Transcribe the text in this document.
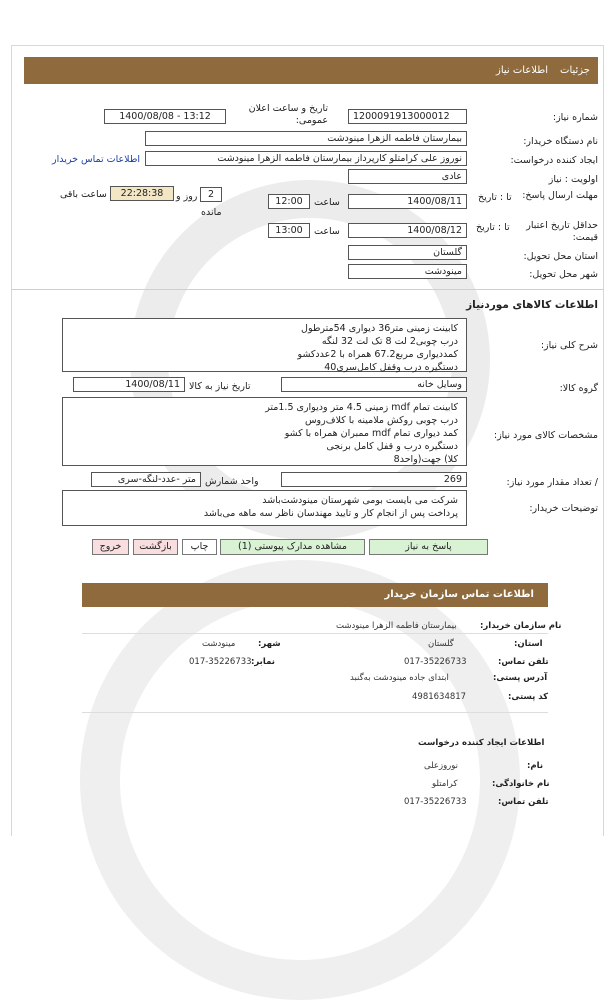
جزئیات
اطلاعات نیاز
شماره نیاز:
1200091913000012
تاریخ و ساعت اعلان عمومی:
1400/08/08 - 13:12
نام دستگاه خریدار:
بیمارستان فاطمه الزهرا مینودشت
ایجاد کننده درخواست:
نوروز علی کرامتلو کارپرداز بیمارستان فاطمه الزهرا مینودشت
اطلاعات تماس خریدار
اولویت : نیاز
عادی
مهلت ارسال پاسخ:
تا : تاریخ
1400/08/11
ساعت
12:00
2
روز و
22:28:38
ساعت باقی
مانده
حداقل تاریخ اعتبار قیمت:
تا : تاریخ
1400/08/12
ساعت
13:00
استان محل تحویل:
گلستان
شهر محل تحویل:
مینودشت
اطلاعات کالاهای موردنیاز
شرح کلی نیاز:
کابینت زمینی متر36 دیواری 54مترطول
درب چوبی2 لت 8 تک لت 32 لنگه
کمددیواری مربع67.2 همراه با 2عددکشو
دستگیره درب وقفل کامل‌سری40
گروه کالا:
وسایل خانه
تاریخ نیاز به کالا
1400/08/11
مشخصات کالای مورد نیاز:
کابینت تمام mdf زمینی 4.5 متر ودیواری 1.5متر
درب چوبی روکش ملامینه با کلاف‌روس
کمد دیواری تمام mdf ممبران همراه با کشو
دستگیره درب و قفل کامل برنجی
کلا) جهت(واحد8
/ تعداد مقدار مورد نیاز:
269
واحد شمارش
متر -عدد-لنگه-سری
توضیحات خریدار:
شرکت می بایست بومی شهرستان مینودشت‌باشد
پرداخت پس از انجام کار و تایید مهندسان ناظر سه ماهه می‌باشد
پاسخ به نیاز
مشاهده مدارک پیوستی (1)
چاپ
بازگشت
خروج
اطلاعات تماس سازمان خریدار
نام سازمان خریدار:
بیمارستان فاطمه الزهرا مینودشت
استان:
گلستان
شهر:
مینودشت
تلفن تماس:
017-35226733
نمابر:
017-35226733
آدرس پستی:
ابتدای جاده مینودشت به‌گنبد
کد پستی:
4981634817
اطلاعات ایجاد کننده درخواست
نام:
نوروزعلی
نام خانوادگی:
کرامتلو
تلفن تماس:
017-35226733
